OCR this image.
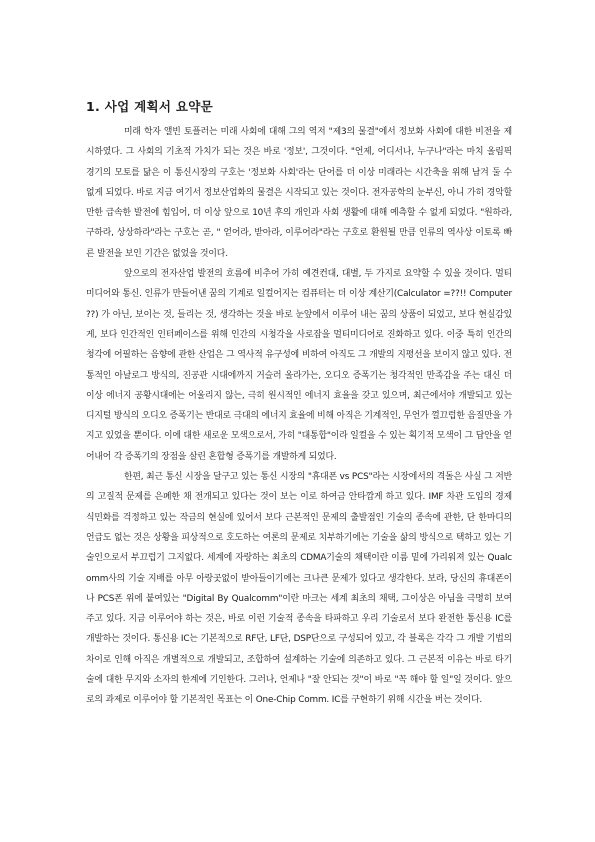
1. 사업 계획서 요약문

미래 학자 앨빈 토플러는 미래 사회에 대해 그의 역저 "제3의 물결"에서 정보화 사회에 대한 비전을 제시하였다. 그 사회의 기초적 가치가 되는 것은 바로 '정보', 그것이다. "언제, 어디서나, 누구나"라는 마치 올림픽 경기의 모토를 닮은 이 통신시장의 구호는 '정보화 사회'라는 단어를 더 이상 미래라는 시간축을 위해 남겨 둘 수 없게 되었다. 바로 지금 여기서 정보산업화의 물결은 시작되고 있는 것이다. 전자공학의 눈부신, 아니 가히 경악할 만한 급속한 발전에 힘입어, 더 이상 앞으로 10년 후의 개인과 사회 생활에 대해 예측할 수 없게 되었다. "원하라, 구하라, 상상하라"라는 구호는 곧, " 얻어라, 받아라, 이루어라"라는 구호로 환원될 만큼 인류의 역사상 이토록 빠른 발전을 보인 기간은 없었을 것이다.

앞으로의 전자산업 발전의 흐름에 비추어 가히 예견컨대, 대별, 두 가지로 요약할 수 있을 것이다. 멀티미디어와 통신. 인류가 만들어낸 꿈의 기계로 일컬어지는 컴퓨터는 더 이상 계산기(Calculator =??!! Computer ??) 가 아닌, 보이는 것, 들리는 것, 생각하는 것을 바로 눈앞에서 이루어 내는 꿈의 상품이 되었고, 보다 현실감있게, 보다 인간적인 인터페이스를 위해 인간의 시청각을 사로잡을 멀티미디어로 진화하고 있다. 이중 특히 인간의 청각에 어필하는 음향에 관한 산업은 그 역사적 유구성에 비하여 아직도 그 개발의 지평선을 보이지 않고 있다. 전통적인 아날로그 방식의, 진공관 시대에까지 거슬러 올라가는, 오디오 증폭기는 청각적인 만족감을 주는 대신 더 이상 에너지 공황시대에는 어울리지 않는, 극히 원시적인 에너지 효율을 갖고 있으며, 최근에서야 개발되고 있는 디지털 방식의 오디오 증폭기는 반대로 극대의 에너지 효율에 비해 아직은 기계적인, 무언가 껄끄럽한 음질만을 가지고 있었을 뿐이다. 이에 대한 새로운 모색으로서, 가히 "대통합"이라 일컬을 수 있는 획기적 모색이 그 답안을 얻어내어 각 증폭기의 장점을 살린 혼합형 증폭기를 개발하게 되었다.

한편, 최근 통신 시장을 달구고 있는 통신 시장의 "휴대폰 vs PCS"라는 시장에서의 격돌은 사실 그 저반의 고질적 문제를 은폐한 채 전개되고 있다는 것이 보는 이로 하여금 안타깝게 하고 있다. IMF 차관 도입의 경제 식민화를 걱정하고 있는 작금의 현실에 있어서 보다 근본적인 문제의 출발점인 기술의 종속에 관한, 단 한마디의 언급도 없는 것은 상황을 피상적으로 호도하는 여론의 문제로 치부하기에는 기술을 삶의 방식으로 택하고 있는 기술인으로서 부끄럽기 그지없다. 세계에 자랑하는 최초의 CDMA기술의 채택이란 이름 밑에 가리워져 있는 Qualcomm사의 기술 지배를 아무 아랑곳없이 받아들이기에는 크나큰 문제가 있다고 생각한다. 보라, 당신의 휴대폰이나 PCS폰 위에 붙여있는 "Digital By Qualcomm"이란 마크는 세계 최초의 채택, 그이상은 아님을 극명히 보여주고 있다. 지금 이루어야 하는 것은, 바로 이런 기술적 종속을 타파하고 우리 기술로서 보다 완전한 통신용 IC를 개발하는 것이다. 통신용 IC는 기본적으로 RF단, LF단, DSP단으로 구성되어 있고, 각 블록은 각각 그 개발 기법의 차이로 인해 아직은 개별적으로 개발되고, 조합하여 설계하는 기술에 의존하고 있다. 그 근본적 이유는 바로 타기술에 대한 무지와 소자의 한계에 기인한다. 그러나, 언제나 "잘 안되는 것"이 바로 "꼭 해야 할 일"일 것이다. 앞으로의 과제로 이루어야 할 기본적인 목표는 이 One-Chip Comm. IC를 구현하기 위해 시간을 버는 것이다.
